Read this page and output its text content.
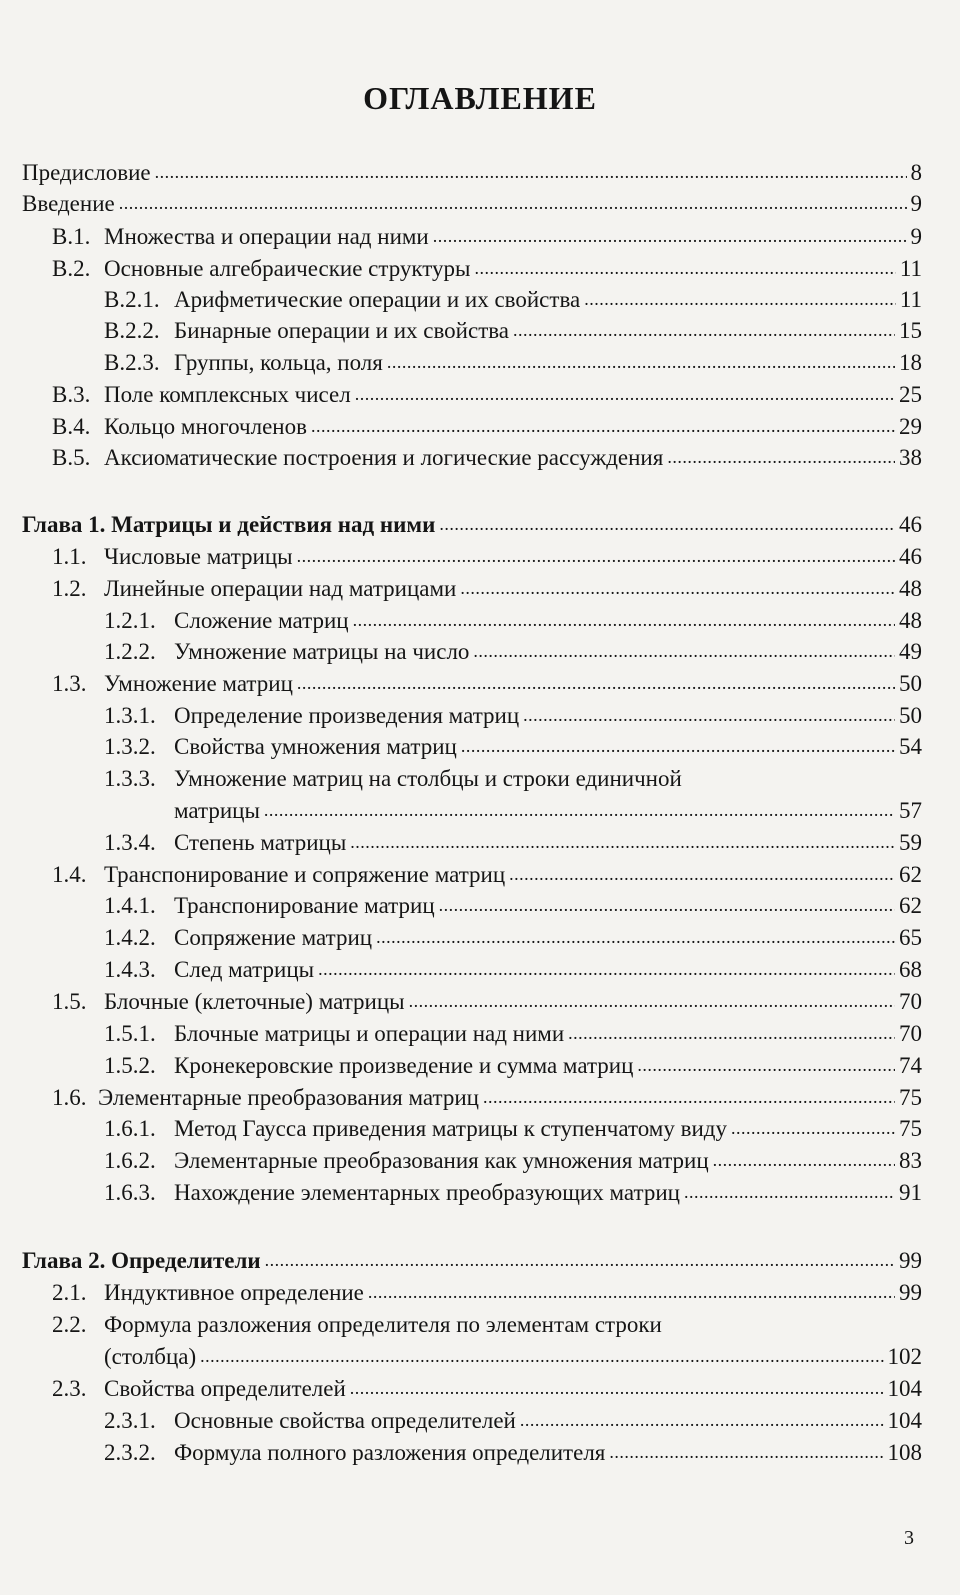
ОГЛАВЛЕНИЕ
Предисловие . . .	8
Введение . . .	9
В.1. Множества и операции над ними . . .	9
В.2. Основные алгебраические структуры . . .	11
В.2.1. Арифметические операции и их свойства . . .	11
В.2.2. Бинарные операции и их свойства . . .	15
В.2.3. Группы, кольца, поля . . .	18
В.3. Поле комплексных чисел . . .	25
В.4. Кольцо многочленов . . .	29
В.5. Аксиоматические построения и логические рассуждения . . .	38
Глава 1. Матрицы и действия над ними . . .	46
1.1. Числовые матрицы . . .	46
1.2. Линейные операции над матрицами . . .	48
1.2.1. Сложение матриц . . .	48
1.2.2. Умножение матрицы на число . . .	49
1.3. Умножение матриц . . .	50
1.3.1. Определение произведения матриц . . .	50
1.3.2. Свойства умножения матриц . . .	54
1.3.3. Умножение матриц на столбцы и строки единичной
матрицы . . .	57
1.3.4. Степень матрицы . . .	59
1.4. Транспонирование и сопряжение матриц . . .	62
1.4.1. Транспонирование матриц . . .	62
1.4.2. Сопряжение матриц . . .	65
1.4.3. След матрицы . . .	68
1.5. Блочные (клеточные) матрицы . . .	70
1.5.1. Блочные матрицы и операции над ними . . .	70
1.5.2. Кронекеровские произведение и сумма матриц . . .	74
1.6. Элементарные преобразования матриц . . .	75
1.6.1. Метод Гаусса приведения матрицы к ступенчатому виду . . .	75
1.6.2. Элементарные преобразования как умножения матриц . . .	83
1.6.3. Нахождение элементарных преобразующих матриц . . .	91
Глава 2. Определители . . .	99
2.1. Индуктивное определение . . .	99
2.2. Формула разложения определителя по элементам строки
(столбца) . . .	102
2.3. Свойства определителей . . .	104
2.3.1. Основные свойства определителей . . .	104
2.3.2. Формула полного разложения определителя . . .	108
3
